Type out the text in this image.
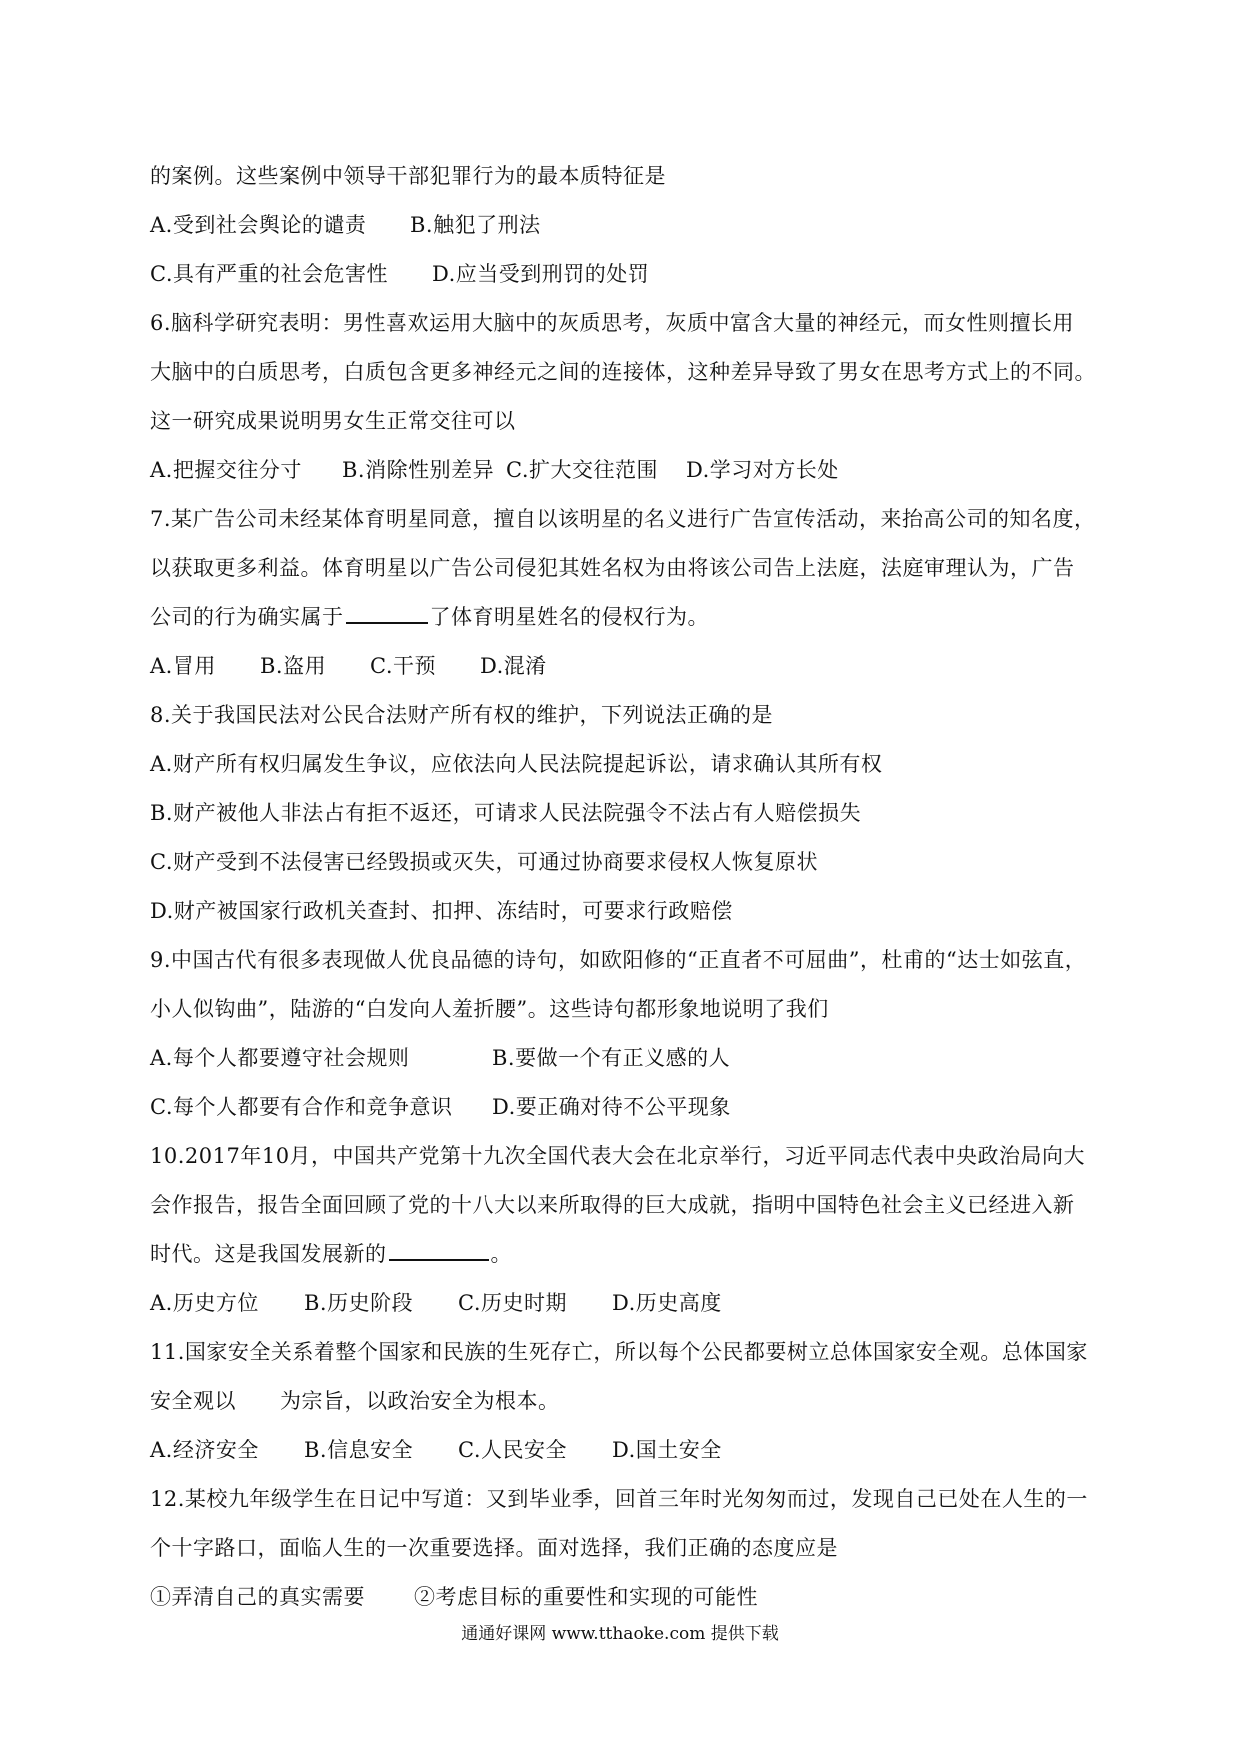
的案例。这些案例中领导干部犯罪行为的最本质特征是
A.受到社会舆论的谴责 B.触犯了刑法
C.具有严重的社会危害性 D.应当受到刑罚的处罚
6.脑科学研究表明：男性喜欢运用大脑中的灰质思考，灰质中富含大量的神经元，而女性则擅长用
大脑中的白质思考，白质包含更多神经元之间的连接体，这种差异导致了男女在思考方式上的不同。
这一研究成果说明男女生正常交往可以
A.把握交往分寸 B.消除性别差异 C.扩大交往范围 D.学习对方长处
7.某广告公司未经某体育明星同意，擅自以该明星的名义进行广告宣传活动，来抬高公司的知名度，
以获取更多利益。体育明星以广告公司侵犯其姓名权为由将该公司告上法庭，法庭审理认为，广告
公司的行为确实属于	了体育明星姓名的侵权行为。
A.冒用 B.盗用 C.干预 D.混淆
8.关于我国民法对公民合法财产所有权的维护，下列说法正确的是
A.财产所有权归属发生争议，应依法向人民法院提起诉讼，请求确认其所有权
B.财产被他人非法占有拒不返还，可请求人民法院强令不法占有人赔偿损失
C.财产受到不法侵害已经毁损或灭失，可通过协商要求侵权人恢复原状
D.财产被国家行政机关查封、扣押、冻结时，可要求行政赔偿
9.中国古代有很多表现做人优良品德的诗句，如欧阳修的“正直者不可屈曲”，杜甫的“达士如弦直，
小人似钩曲”，陆游的“白发向人羞折腰”。这些诗句都形象地说明了我们
A.每个人都要遵守社会规则	B.要做一个有正义感的人
C.每个人都要有合作和竞争意识 D.要正确对待不公平现象
10.2017年10月，中国共产党第十九次全国代表大会在北京举行，习近平同志代表中央政治局向大
会作报告，报告全面回顾了党的十八大以来所取得的巨大成就，指明中国特色社会主义已经进入新
时代。这是我国发展新的	。
A.历史方位 B.历史阶段 C.历史时期 D.历史高度
11.国家安全关系着整个国家和民族的生死存亡，所以每个公民都要树立总体国家安全观。总体国家
安全观以 为宗旨，以政治安全为根本。
A.经济安全 B.信息安全 C.人民安全 D.国土安全
12.某校九年级学生在日记中写道：又到毕业季，回首三年时光匆匆而过，发现自己已处在人生的一
个十字路口，面临人生的一次重要选择。面对选择，我们正确的态度应是
①弄清自己的真实需要 ②考虑目标的重要性和实现的可能性
通通好课网 www.tthaoke.com 提供下载
